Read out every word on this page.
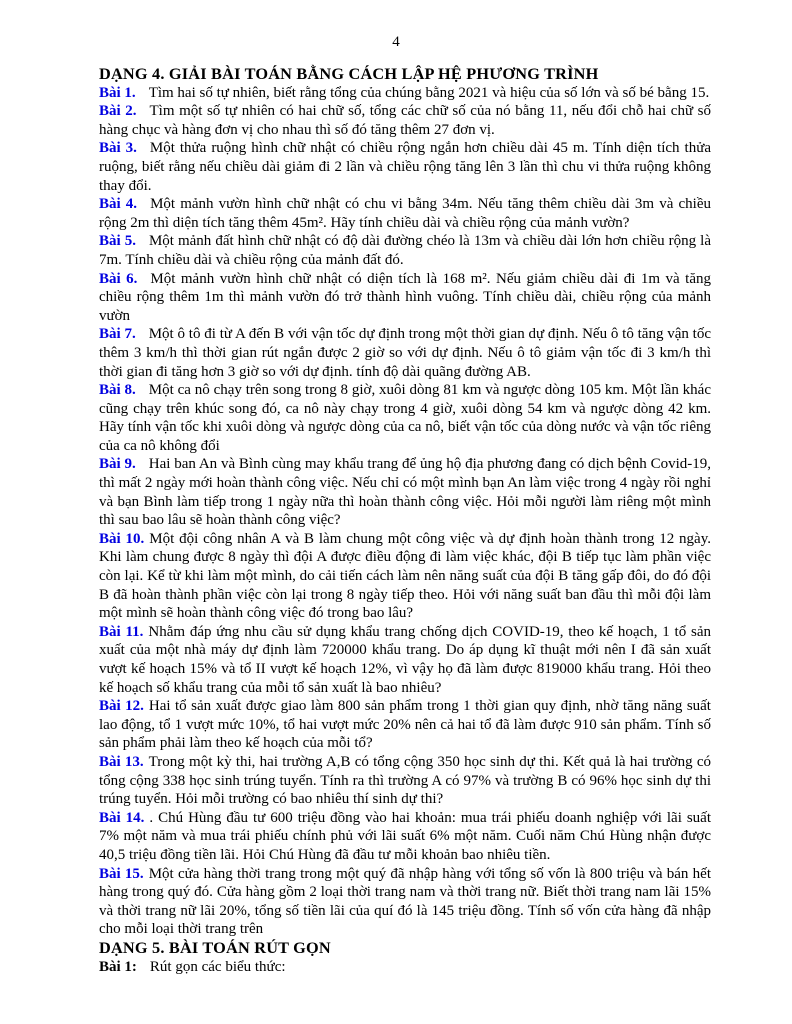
4
DẠNG 4. GIẢI BÀI TOÁN BẰNG CÁCH LẬP HỆ PHƯƠNG TRÌNH

Bài 1. Tìm hai số tự nhiên, biết rằng tổng của chúng bằng 2021 và hiệu của số lớn và số bé bằng 15.

Bài 2. Tìm một số tự nhiên có hai chữ số, tổng các chữ số của nó bằng 11, nếu đổi chỗ hai chữ số hàng chục và hàng đơn vị cho nhau thì số đó tăng thêm 27 đơn vị.

Bài 3. Một thửa ruộng hình chữ nhật có chiều rộng ngắn hơn chiều dài 45 m. Tính diện tích thửa ruộng, biết rằng nếu chiều dài giảm đi 2 lần và chiều rộng tăng lên 3 lần thì chu vi thửa ruộng không thay đổi.

Bài 4. Một mảnh vườn hình chữ nhật có chu vi bằng 34m. Nếu tăng thêm chiều dài 3m và chiều rộng 2m thì diện tích tăng thêm 45m². Hãy tính chiều dài và chiều rộng của mảnh vườn?

Bài 5. Một mảnh đất hình chữ nhật có độ dài đường chéo là 13m và chiều dài lớn hơn chiều rộng là 7m. Tính chiều dài và chiều rộng của mảnh đất đó.

Bài 6. Một mảnh vườn hình chữ nhật có diện tích là 168 m². Nếu giảm chiều dài đi 1m và tăng chiều rộng thêm 1m thì mảnh vườn đó trở thành hình vuông. Tính chiều dài, chiều rộng của mảnh vườn

Bài 7. Một ô tô đi từ A đến B với vận tốc dự định trong một thời gian dự định. Nếu ô tô tăng vận tốc thêm 3 km/h thì thời gian rút ngắn được 2 giờ so với dự định. Nếu ô tô giảm vận tốc đi 3 km/h thì thời gian đi tăng hơn 3 giờ so với dự định. tính độ dài quãng đường AB.

Bài 8. Một ca nô chạy trên song trong 8 giờ, xuôi dòng 81 km và ngược dòng 105 km. Một lần khác cũng chạy trên khúc song đó, ca nô này chạy trong 4 giờ, xuôi dòng 54 km và ngược dòng 42 km. Hãy tính vận tốc khi xuôi dòng và ngược dòng của ca nô, biết vận tốc của dòng nước và vận tốc riêng của ca nô không đổi

Bài 9. Hai ban An và Bình cùng may khẩu trang để ủng hộ địa phương đang có dịch bệnh Covid-19, thì mất 2 ngày mới hoàn thành công việc. Nếu chỉ có một mình bạn An làm việc trong 4 ngày rồi nghỉ và bạn Bình làm tiếp trong 1 ngày nữa thì hoàn thành công việc. Hỏi mỗi người làm riêng một mình thì sau bao lâu sẽ hoàn thành công việc?

Bài 10. Một đội công nhân A và B làm chung một công việc và dự định hoàn thành trong 12 ngày. Khi làm chung được 8 ngày thì đội A được điều động đi làm việc khác, đội B tiếp tục làm phần việc còn lại. Kể từ khi làm một mình, do cải tiến cách làm nên năng suất của đội B tăng gấp đôi, do đó đội B đã hoàn thành phần việc còn lại trong 8 ngày tiếp theo. Hỏi với năng suất ban đầu thì mỗi đội làm một mình sẽ hoàn thành công việc đó trong bao lâu?

Bài 11. Nhằm đáp ứng nhu cầu sử dụng khẩu trang chống dịch COVID-19, theo kế hoạch, 1 tổ sản xuất của một nhà máy dự định làm 720000 khẩu trang. Do áp dụng kĩ thuật mới nên I đã sản xuất vượt kế hoạch 15% và tổ II vượt kế hoạch 12%, vì vậy họ đã làm được 819000 khẩu trang. Hỏi theo kế hoạch số khẩu trang của mỗi tổ sản xuất là bao nhiêu?

Bài 12. Hai tổ sản xuất được giao làm 800 sản phẩm trong 1 thời gian quy định, nhờ tăng năng suất lao động, tổ 1 vượt mức 10%, tổ hai vượt mức 20% nên cả hai tổ đã làm được 910 sản phẩm. Tính số sản phẩm phải làm theo kế hoạch của mỗi tổ?

Bài 13. Trong một kỳ thi, hai trường A,B có tổng cộng 350 học sinh dự thi. Kết quả là hai trường có tổng cộng 338 học sinh trúng tuyển. Tính ra thì trường A có 97% và trường B có 96% học sinh dự thi trúng tuyển. Hỏi mỗi trường có bao nhiêu thí sinh dự thi?

Bài 14. . Chú Hùng đầu tư 600 triệu đồng vào hai khoản: mua trái phiếu doanh nghiệp với lãi suất 7% một năm và mua trái phiếu chính phủ với lãi suất 6% một năm. Cuối năm Chú Hùng nhận được 40,5 triệu đồng tiền lãi. Hỏi Chú Hùng đã đầu tư mỗi khoản bao nhiêu tiền.

Bài 15. Một cửa hàng thời trang trong một quý đã nhập hàng với tổng số vốn là 800 triệu và bán hết hàng trong quý đó. Cửa hàng gồm 2 loại thời trang nam và thời trang nữ. Biết thời trang nam lãi 15% và thời trang nữ lãi 20%, tổng số tiền lãi của quí đó là 145 triệu đồng. Tính số vốn cửa hàng đã nhập cho mỗi loại thời trang trên

DẠNG 5. BÀI TOÁN RÚT GỌN

Bài 1: Rút gọn các biểu thức:
